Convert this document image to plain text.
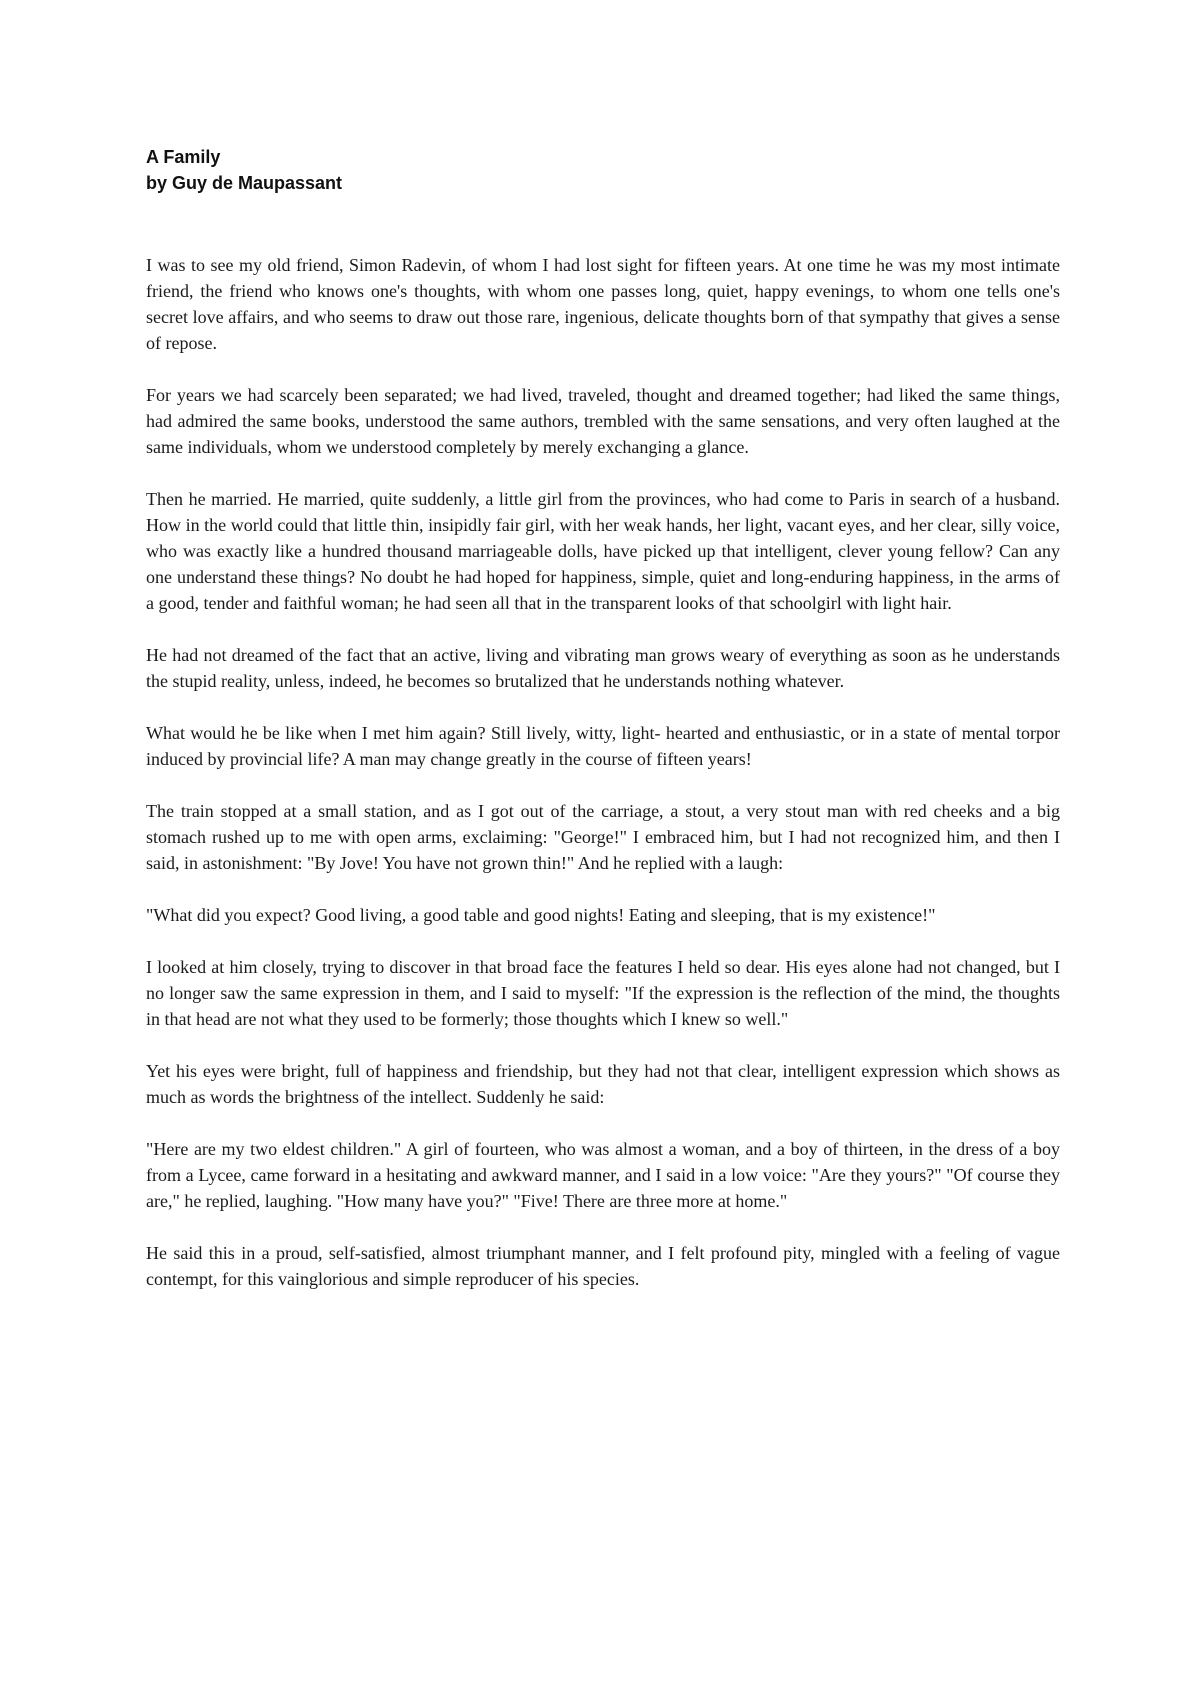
A Family
by Guy de Maupassant

I was to see my old friend, Simon Radevin, of whom I had lost sight for fifteen years. At one time he was my most intimate friend, the friend who knows one's thoughts, with whom one passes long, quiet, happy evenings, to whom one tells one's secret love affairs, and who seems to draw out those rare, ingenious, delicate thoughts born of that sympathy that gives a sense of repose.

For years we had scarcely been separated; we had lived, traveled, thought and dreamed together; had liked the same things, had admired the same books, understood the same authors, trembled with the same sensations, and very often laughed at the same individuals, whom we understood completely by merely exchanging a glance.

Then he married. He married, quite suddenly, a little girl from the provinces, who had come to Paris in search of a husband. How in the world could that little thin, insipidly fair girl, with her weak hands, her light, vacant eyes, and her clear, silly voice, who was exactly like a hundred thousand marriageable dolls, have picked up that intelligent, clever young fellow? Can any one understand these things? No doubt he had hoped for happiness, simple, quiet and long-enduring happiness, in the arms of a good, tender and faithful woman; he had seen all that in the transparent looks of that schoolgirl with light hair.

He had not dreamed of the fact that an active, living and vibrating man grows weary of everything as soon as he understands the stupid reality, unless, indeed, he becomes so brutalized that he understands nothing whatever.

What would he be like when I met him again? Still lively, witty, light- hearted and enthusiastic, or in a state of mental torpor induced by provincial life? A man may change greatly in the course of fifteen years!

The train stopped at a small station, and as I got out of the carriage, a stout, a very stout man with red cheeks and a big stomach rushed up to me with open arms, exclaiming: "George!" I embraced him, but I had not recognized him, and then I said, in astonishment: "By Jove! You have not grown thin!" And he replied with a laugh:

"What did you expect? Good living, a good table and good nights! Eating and sleeping, that is my existence!"

I looked at him closely, trying to discover in that broad face the features I held so dear. His eyes alone had not changed, but I no longer saw the same expression in them, and I said to myself: "If the expression is the reflection of the mind, the thoughts in that head are not what they used to be formerly; those thoughts which I knew so well."

Yet his eyes were bright, full of happiness and friendship, but they had not that clear, intelligent expression which shows as much as words the brightness of the intellect. Suddenly he said:

"Here are my two eldest children." A girl of fourteen, who was almost a woman, and a boy of thirteen, in the dress of a boy from a Lycee, came forward in a hesitating and awkward manner, and I said in a low voice: "Are they yours?" "Of course they are," he replied, laughing. "How many have you?" "Five! There are three more at home."

He said this in a proud, self-satisfied, almost triumphant manner, and I felt profound pity, mingled with a feeling of vague contempt, for this vainglorious and simple reproducer of his species.
